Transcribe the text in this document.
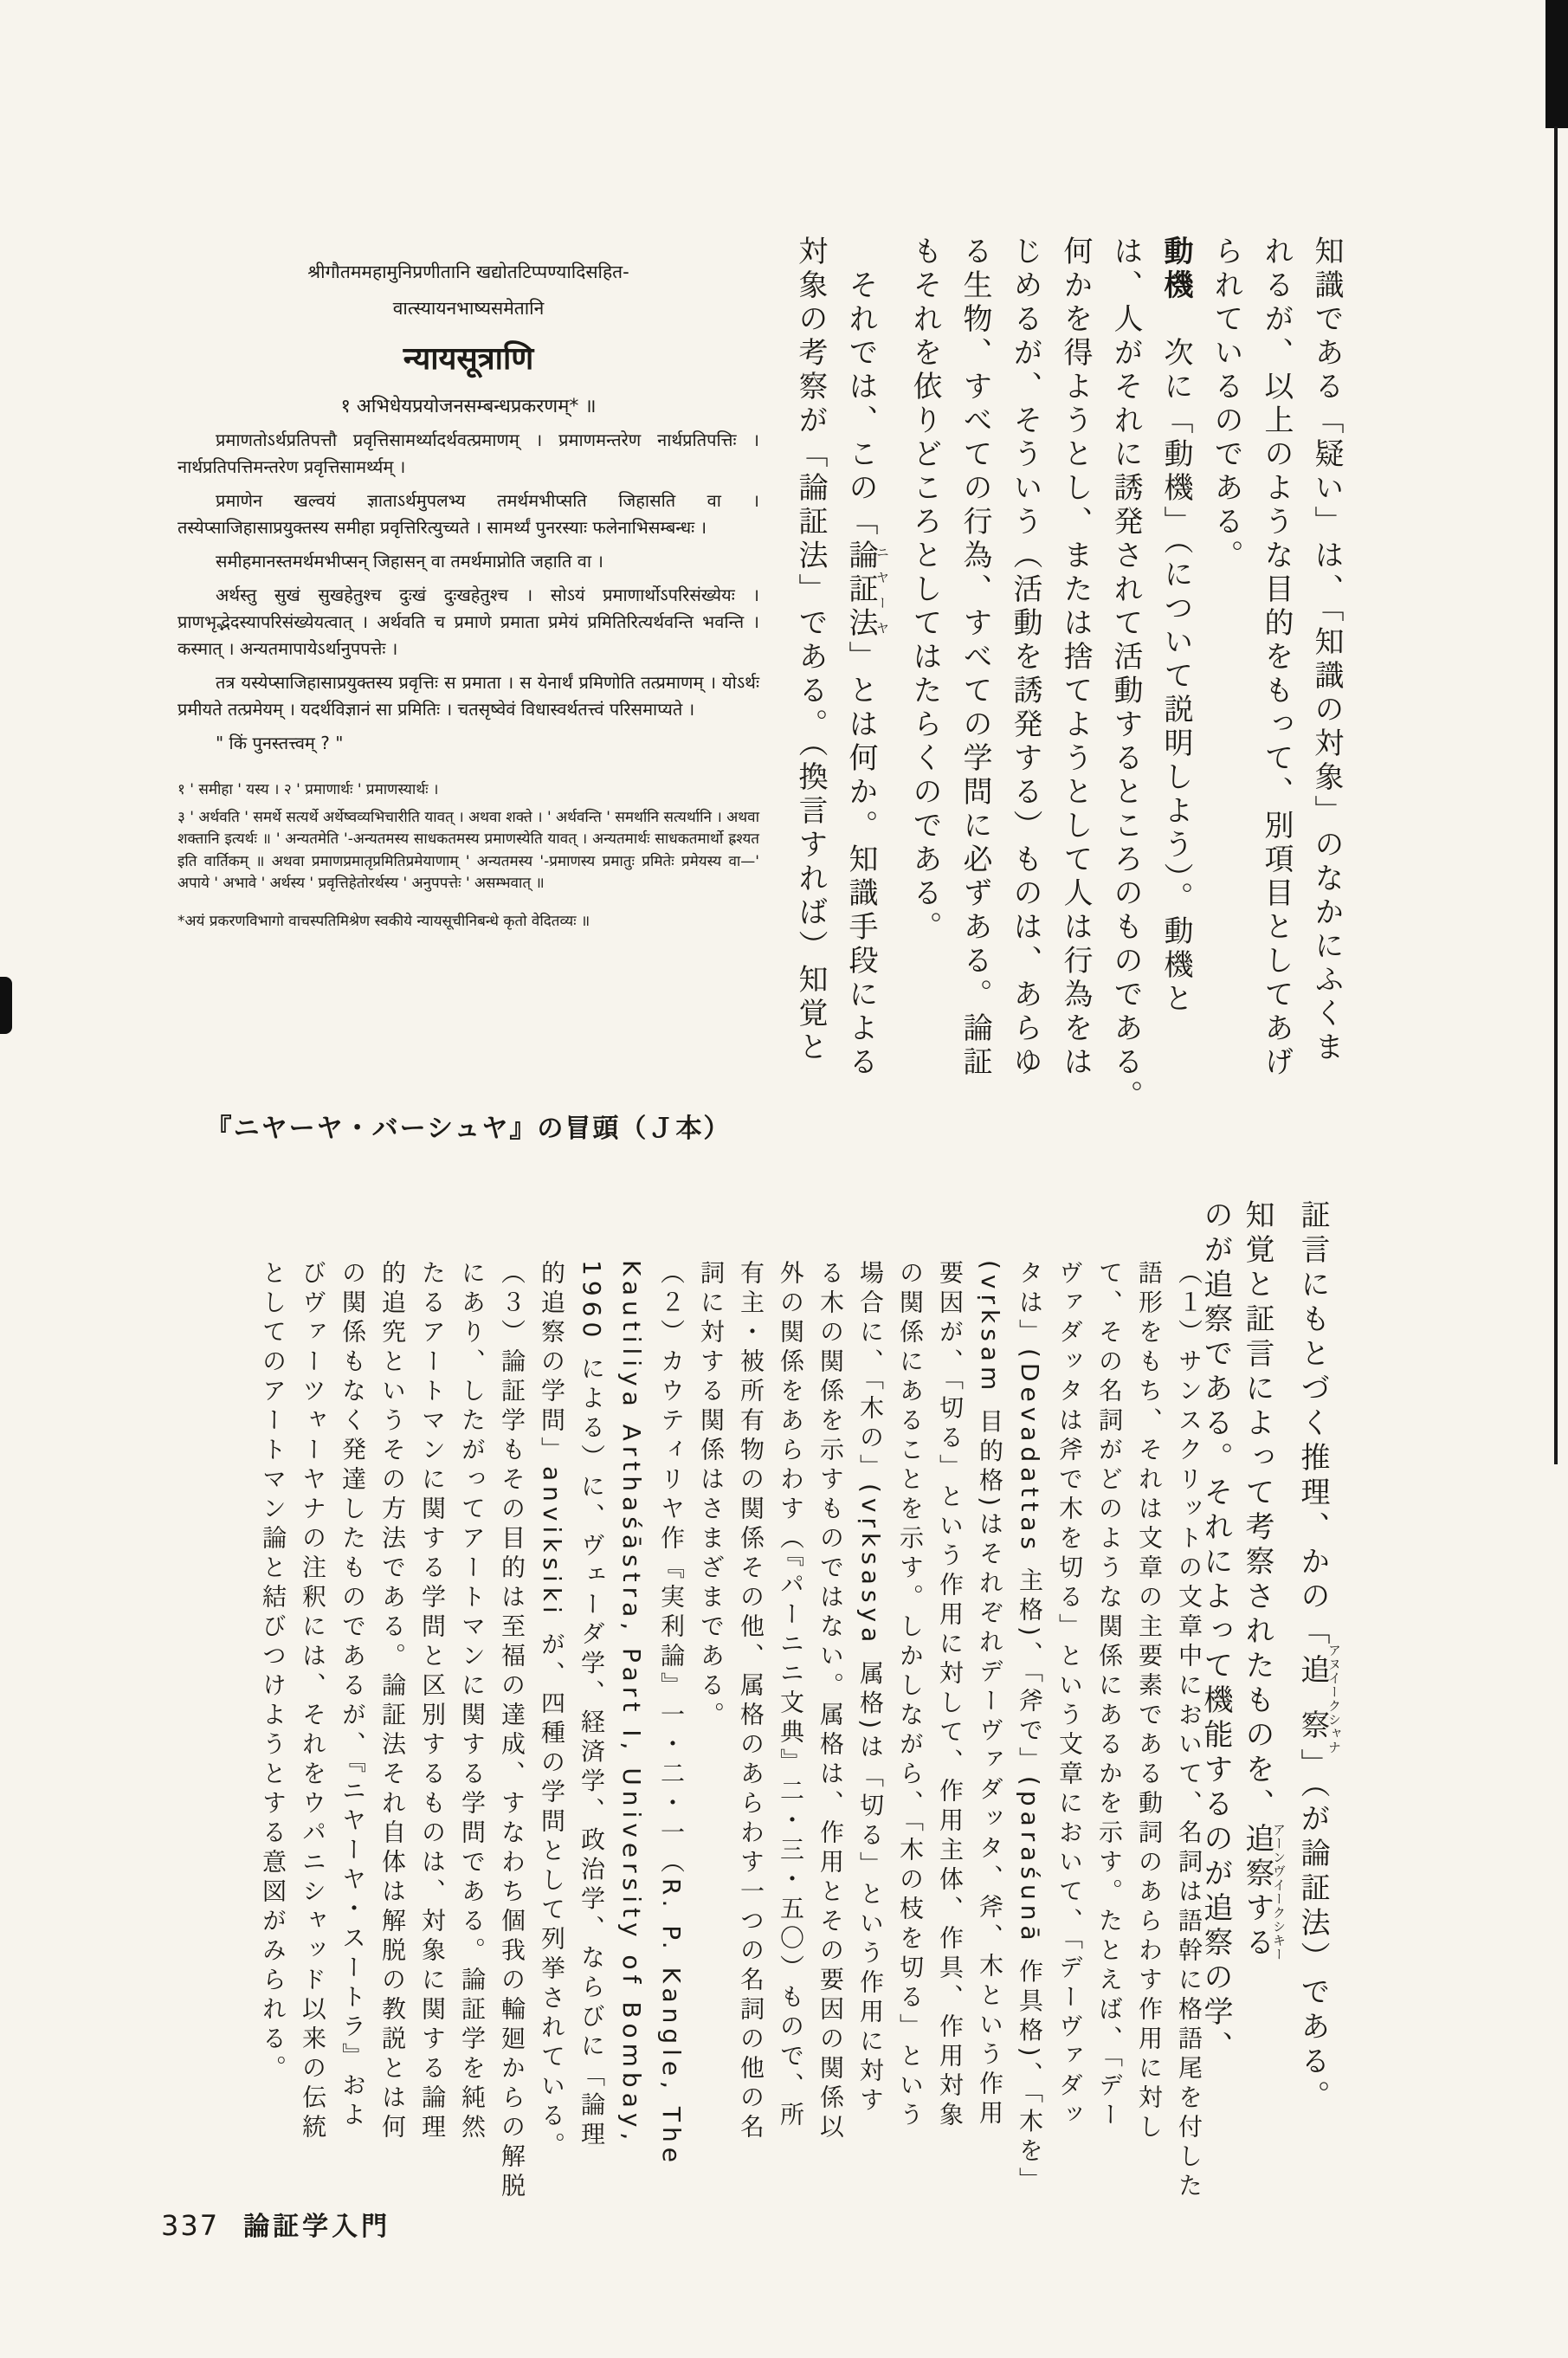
知識である「疑い」は、「知識の対象」のなかにふくま
れるが、以上のような目的をもって、別項目としてあげ
られているのである。
動機　次に「動機」（について説明しよう）。動機と
は、人がそれに誘発されて活動するところのものである。
何かを得ようとし、または捨てようとして人は行為をは
じめるが、そういう（活動を誘発する）ものは、あらゆ
る生物、すべての行為、すべての学問に必ずある。論証
もそれを依りどころとしてはたらくのである。
　それでは、この「論証法ニヤーヤ」とは何か。知識手段による
対象の考察が「論証法」である。（換言すれば）知覚と

श्रीगौतममहामुनिप्रणीतानि खद्योतटिप्पण्यादिसहित-

वात्स्यायनभाष्यसमेतानि

न्यायसूत्राणि

१ अभिधेयप्रयोजनसम्बन्धप्रकरणम्* ॥

प्रमाणतोऽर्थप्रतिपत्तौ प्रवृत्तिसामर्थ्यादर्थवत्प्रमाणम् । प्रमाणमन्तरेण नार्थप्रतिपत्तिः । नार्थप्रतिपत्तिमन्तरेण प्रवृत्तिसामर्थ्यम् ।

प्रमाणेन खल्वयं ज्ञाताऽर्थमुपलभ्य तमर्थमभीप्सति जिहासति वा । तस्येप्साजिहासाप्रयुक्तस्य समीहा प्रवृत्तिरित्युच्यते । सामर्थ्यं पुनरस्याः फलेनाभिसम्बन्धः ।

समीहमानस्तमर्थमभीप्सन् जिहासन् वा तमर्थमाप्नोति जहाति वा ।

अर्थस्तु सुखं सुखहेतुश्च दुःखं दुःखहेतुश्च । सोऽयं प्रमाणार्थोऽपरिसंख्येयः । प्राणभृद्भेदस्यापरिसंख्येयत्वात् । अर्थवति च प्रमाणे प्रमाता प्रमेयं प्रमितिरित्यर्थवन्ति भवन्ति । कस्मात् । अन्यतमापायेऽर्थानुपपत्तेः ।

तत्र यस्येप्साजिहासाप्रयुक्तस्य प्रवृत्तिः स प्रमाता । स येनार्थं प्रमिणोति तत्प्रमाणम् । योऽर्थः प्रमीयते तत्प्रमेयम् । यदर्थविज्ञानं सा प्रमितिः । चतसृष्वेवं विधास्वर्थतत्त्वं परिसमाप्यते ।

" किं पुनस्तत्त्वम् ? "

१ ' समीहा ' यस्य । २ ' प्रमाणार्थः ' प्रमाणस्यार्थः ।

३ ' अर्थवति ' समर्थे सत्यर्थे अर्थेष्वव्यभिचारीति यावत् । अथवा शक्ते । ' अर्थवन्ति ' समर्थानि सत्यर्थानि । अथवा शक्तानि इत्यर्थः ॥ ' अन्यतमेति '-अन्यतमस्य साधकतमस्य प्रमाणस्येति यावत् । अन्यतमार्थः साधकतमार्थो ह्रश्यत इति वार्तिकम् ॥ अथवा प्रमाणप्रमातृप्रमितिप्रमेयाणाम् ' अन्यतमस्य '-प्रमाणस्य प्रमातुः प्रमितेः प्रमेयस्य वा—' अपाये ' अभावे ' अर्थस्य ' प्रवृत्तिहेतोरर्थस्य ' अनुपपत्तेः ' असम्भवात् ॥

*अयं प्रकरणविभागो वाचस्पतिमिश्रेण स्वकीये न्यायसूचीनिबन्धे कृतो वेदितव्यः ॥

『ニヤーヤ・バーシュヤ』の冒頭（Ｊ本）
証言にもとづく推理、かの「追察アヌイークシャナ」（が論証法）である。
知覚と証言によって考察されたものを、追察するアーンヴイークシキー
のが追察である。それによって機能するのが追察の学、
（１）サンスクリットの文章中において、名詞は語幹に格語尾を付した
語形をもち、それは文章の主要素である動詞のあらわす作用に対し
て、その名詞がどのような関係にあるかを示す。たとえば、「デー
ヴァダッタは斧で木を切る」という文章において、「デーヴァダッ
タは」(Devadattas 主格)、「斧で」(paraśunā 作具格)、「木を」
(vṛksam 目的格)はそれぞれデーヴァダッタ、斧、木という作用
要因が、「切る」という作用に対して、作用主体、作具、作用対象
の関係にあることを示す。しかしながら、「木の枝を切る」という
場合に、「木の」(vṛksasya 属格)は「切る」という作用に対す
る木の関係を示すものではない。属格は、作用とその要因の関係以
外の関係をあらわす（『パーニニ文典』二・三・五〇）もので、所
有主・被所有物の関係その他、属格のあらわす一つの名詞の他の名
詞に対する関係はさまざまである。
（２）カウティリヤ作『実利論』一・二・一（R. P. Kangle, The
Kautiliya Arthaśāstra, Part I, University of Bombay,
1960 による）に、ヴェーダ学、経済学、政治学、ならびに「論理
的追察の学問」anviksiki が、四種の学問として列挙されている。
（３）論証学もその目的は至福の達成、すなわち個我の輪廻からの解脱
にあり、したがってアートマンに関する学問である。論証学を純然
たるアートマンに関する学問と区別するものは、対象に関する論理
的追究というその方法である。論証法それ自体は解脱の教説とは何
の関係もなく発達したものであるが、『ニヤーヤ・スートラ』およ
びヴァーツャーヤナの注釈には、それをウパニシャッド以来の伝統
としてのアートマン論と結びつけようとする意図がみられる。
337 論証学入門
